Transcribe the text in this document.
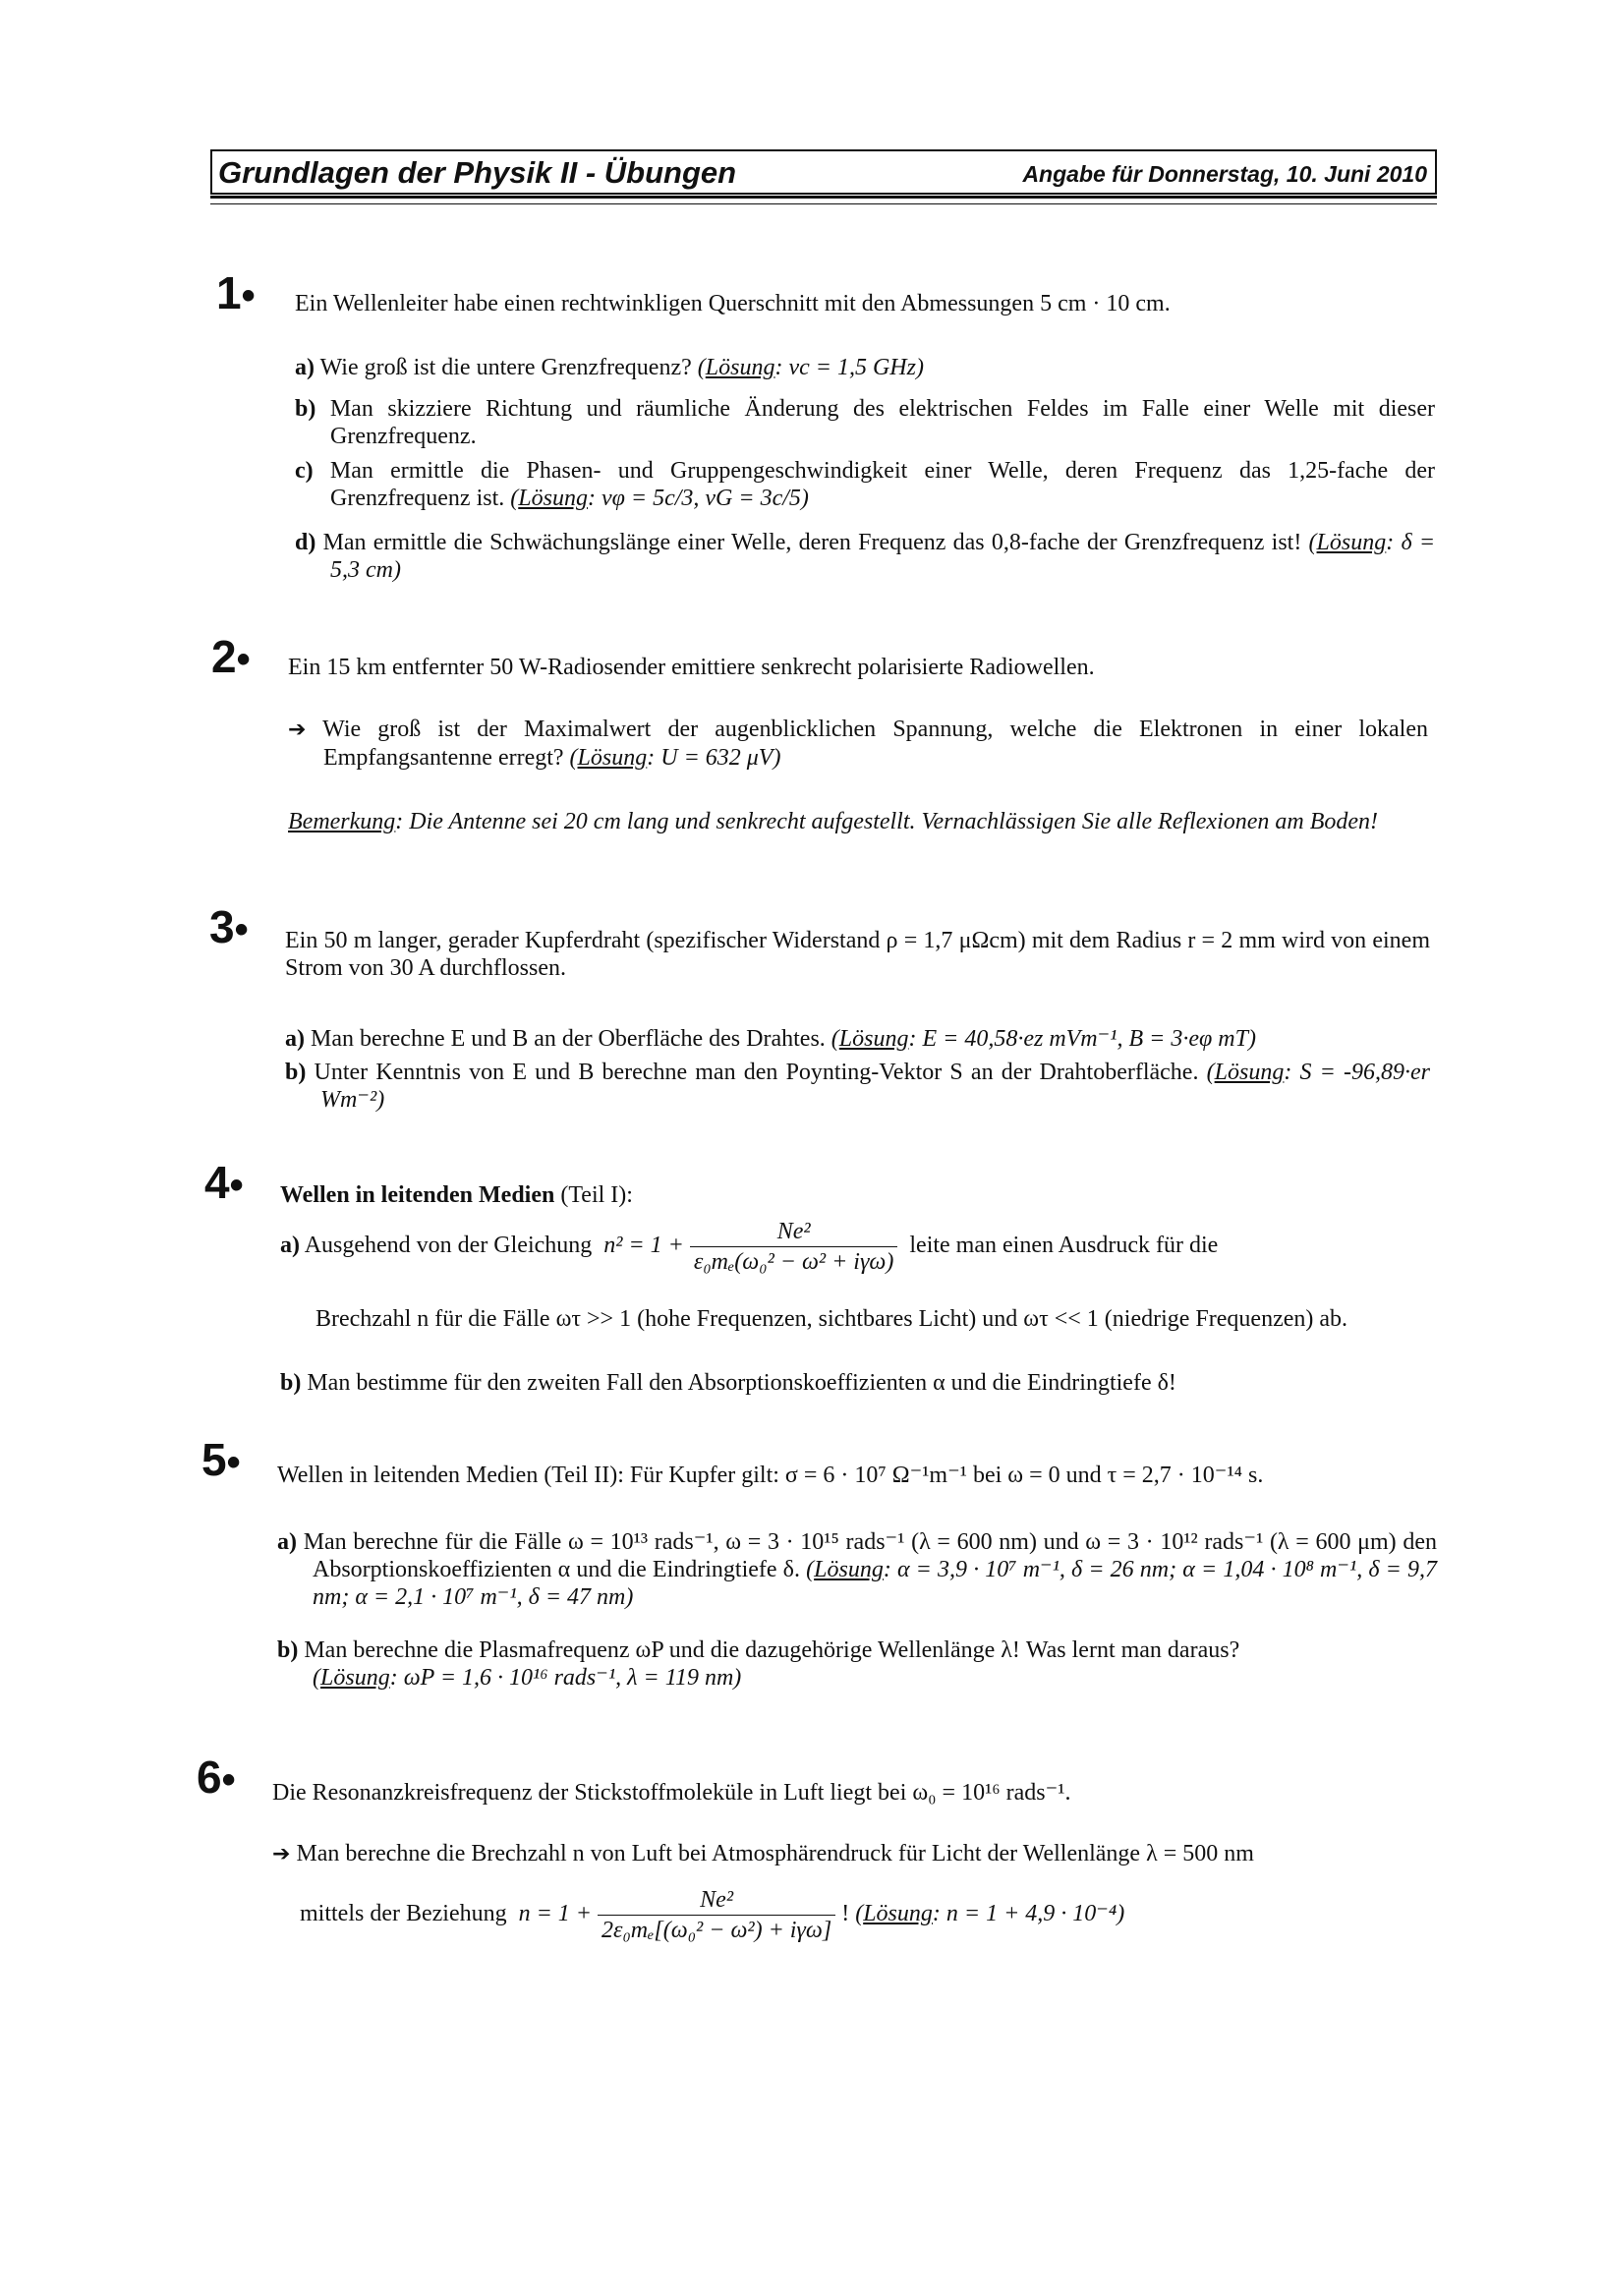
Grundlagen der Physik II - Übungen	Angabe für Donnerstag, 10. Juni 2010
1• Ein Wellenleiter habe einen rechtwinkligen Querschnitt mit den Abmessungen 5 cm · 10 cm.
a) Wie groß ist die untere Grenzfrequenz? (Lösung: νc = 1,5 GHz)
b) Man skizziere Richtung und räumliche Änderung des elektrischen Feldes im Falle einer Welle mit dieser Grenzfrequenz.
c) Man ermittle die Phasen- und Gruppengeschwindigkeit einer Welle, deren Frequenz das 1,25-fache der Grenzfrequenz ist. (Lösung: vφ = 5c/3, vG = 3c/5)
d) Man ermittle die Schwächungslänge einer Welle, deren Frequenz das 0,8-fache der Grenzfrequenz ist! (Lösung: δ = 5,3 cm)
2• Ein 15 km entfernter 50 W-Radiosender emittiere senkrecht polarisierte Radiowellen.
➔ Wie groß ist der Maximalwert der augenblicklichen Spannung, welche die Elektronen in einer lokalen Empfangsantenne erregt? (Lösung: U = 632 μV)
Bemerkung: Die Antenne sei 20 cm lang und senkrecht aufgestellt. Vernachlässigen Sie alle Reflexionen am Boden!
3• Ein 50 m langer, gerader Kupferdraht (spezifischer Widerstand ρ = 1,7 μΩcm) mit dem Radius r = 2 mm wird von einem Strom von 30 A durchflossen.
a) Man berechne E und B an der Oberfläche des Drahtes. (Lösung: E = 40,58·ez mVm⁻¹, B = 3·eφ mT)
b) Unter Kenntnis von E und B berechne man den Poynting-Vektor S an der Drahtoberfläche. (Lösung: S = -96,89·er Wm⁻²)
4• Wellen in leitenden Medien (Teil I):
a) Ausgehend von der Gleichung $n^2 = 1 + \frac{\text{Ne²}}{\text{ε₀mₑ(ω₀² − ω² + iγω)}}$ leite man einen Ausdruck für die
Brechzahl n für die Fälle ωτ >> 1 (hohe Frequenzen, sichtbares Licht) und ωτ << 1 (niedrige Frequenzen) ab.
b) Man bestimme für den zweiten Fall den Absorptionskoeffizienten α und die Eindringtiefe δ!
5• Wellen in leitenden Medien (Teil II): Für Kupfer gilt: σ = 6 · 10⁷ Ω⁻¹m⁻¹ bei ω = 0 und τ = 2,7 · 10⁻¹⁴ s.
a) Man berechne für die Fälle ω = 10¹³ rads⁻¹, ω = 3 · 10¹⁵ rads⁻¹ (λ = 600 nm) und ω = 3 · 10¹² rads⁻¹ (λ = 600 μm) den Absorptionskoeffizienten α und die Eindringtiefe δ. (Lösung: α = 3,9 · 10⁷ m⁻¹, δ = 26 nm; α = 1,04 · 10⁸ m⁻¹, δ = 9,7 nm; α = 2,1 · 10⁷ m⁻¹, δ = 47 nm)
b) Man berechne die Plasmafrequenz ωP und die dazugehörige Wellenlänge λ! Was lernt man daraus?
(Lösung: ωP = 1,6 · 10¹⁶ rads⁻¹, λ = 119 nm)
6• Die Resonanzkreisfrequenz der Stickstoffmoleküle in Luft liegt bei ω₀ = 10¹⁶ rads⁻¹.
➔ Man berechne die Brechzahl n von Luft bei Atmosphärendruck für Licht der Wellenlänge λ = 500 nm
mittels der Beziehung $n = 1 + \frac{\text{Ne²}}{\text{2ε₀mₑ[(ω₀² − ω²) + iγω]}}$ ! (Lösung: n = 1 + 4,9 · 10⁻⁴)
